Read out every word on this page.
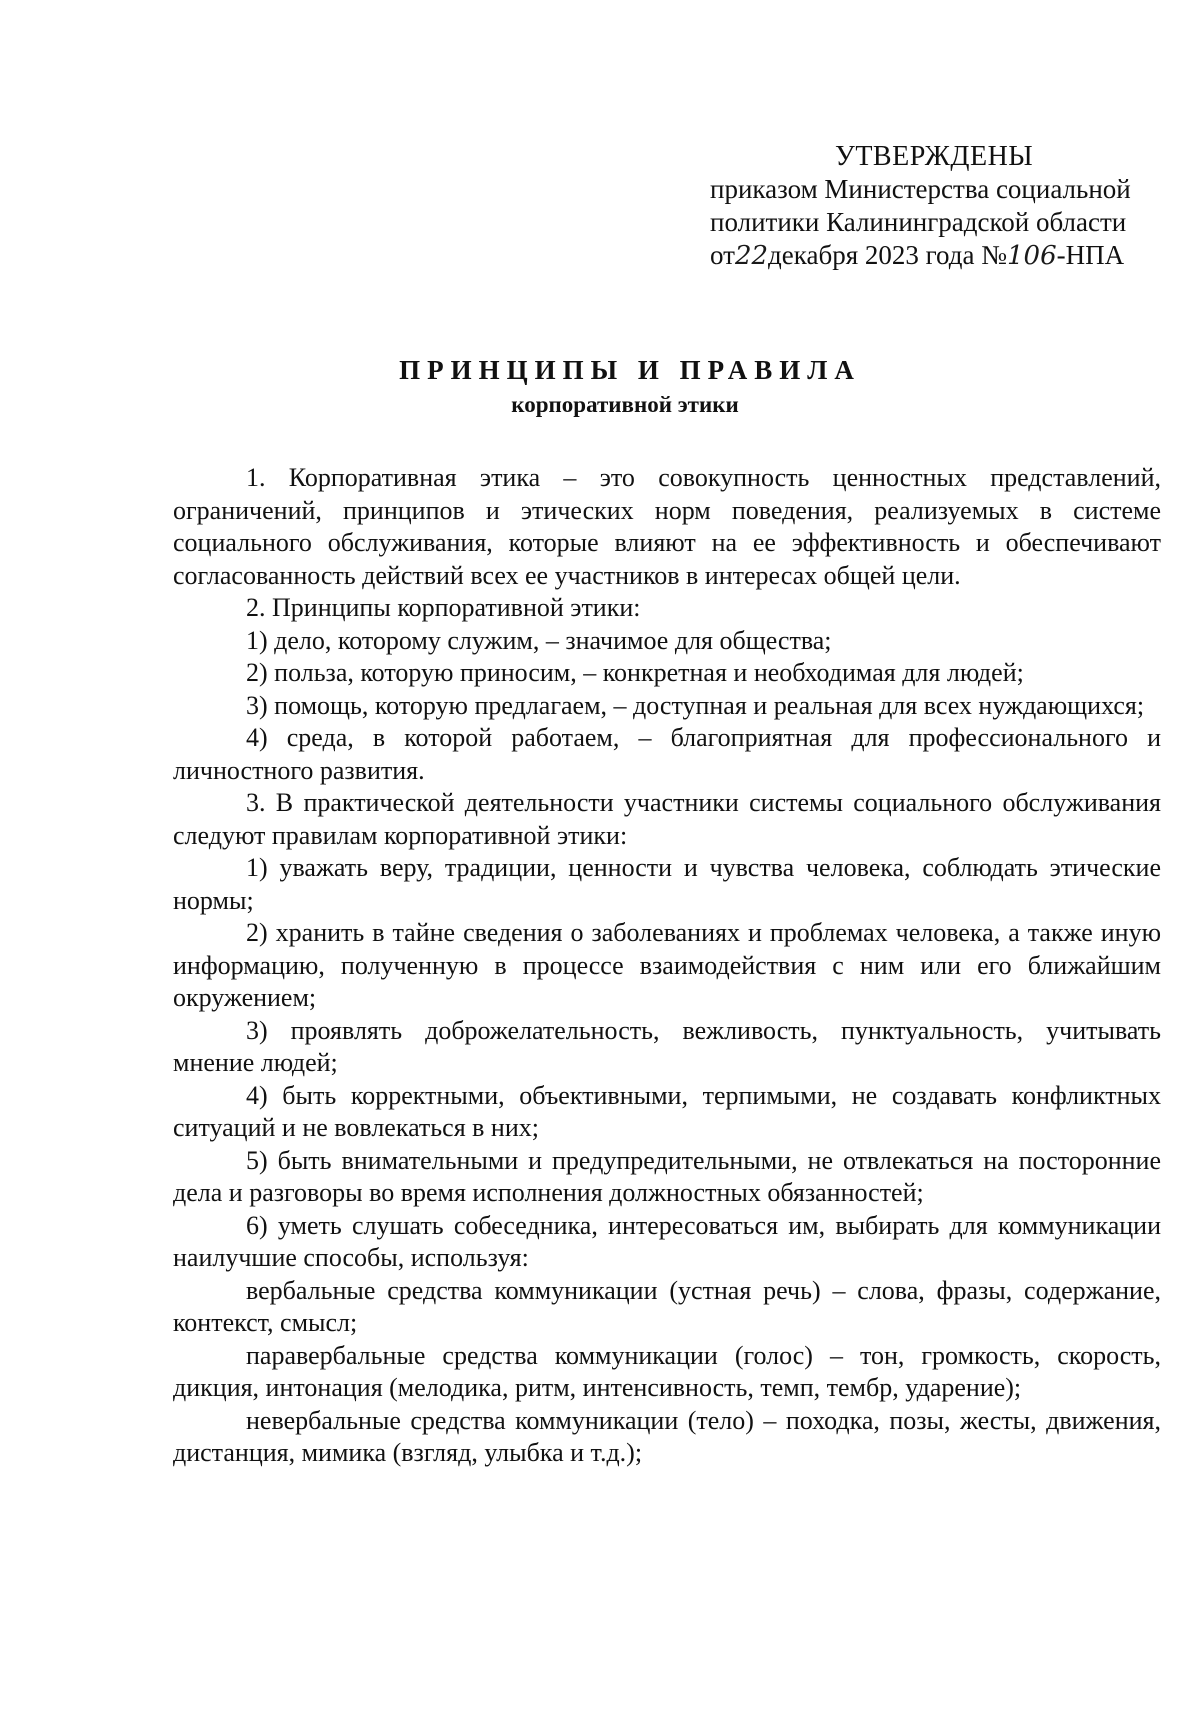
УТВЕРЖДЕНЫ
приказом Министерства социальной
политики Калининградской области
от22декабря 2023 года №106-НПА
ПРИНЦИПЫ И ПРАВИЛА
корпоративной этики

1. Корпоративная этика – это совокупность ценностных представлений, ограничений, принципов и этических норм поведения, реализуемых в системе социального обслуживания, которые влияют на ее эффективность и обеспечивают согласованность действий всех ее участников в интересах общей цели.

2. Принципы корпоративной этики:

1) дело, которому служим, – значимое для общества;

2) польза, которую приносим, – конкретная и необходимая для людей;

3) помощь, которую предлагаем, – доступная и реальная для всех нуждающихся;

4) среда, в которой работаем, – благоприятная для профессионального и личностного развития.

3. В практической деятельности участники системы социального обслуживания следуют правилам корпоративной этики:

1) уважать веру, традиции, ценности и чувства человека, соблюдать этические нормы;

2) хранить в тайне сведения о заболеваниях и проблемах человека, а также иную информацию, полученную в процессе взаимодействия с ним или его ближайшим окружением;

3) проявлять доброжелательность, вежливость, пунктуальность, учитывать мнение людей;

4) быть корректными, объективными, терпимыми, не создавать конфликтных ситуаций и не вовлекаться в них;

5) быть внимательными и предупредительными, не отвлекаться на посторонние дела и разговоры во время исполнения должностных обязанностей;

6) уметь слушать собеседника, интересоваться им, выбирать для коммуникации наилучшие способы, используя:

вербальные средства коммуникации (устная речь) – слова, фразы, содержание, контекст, смысл;

паравербальные средства коммуникации (голос) – тон, громкость, скорость, дикция, интонация (мелодика, ритм, интенсивность, темп, тембр, ударение);

невербальные средства коммуникации (тело) – походка, позы, жесты, движения, дистанция, мимика (взгляд, улыбка и т.д.);
